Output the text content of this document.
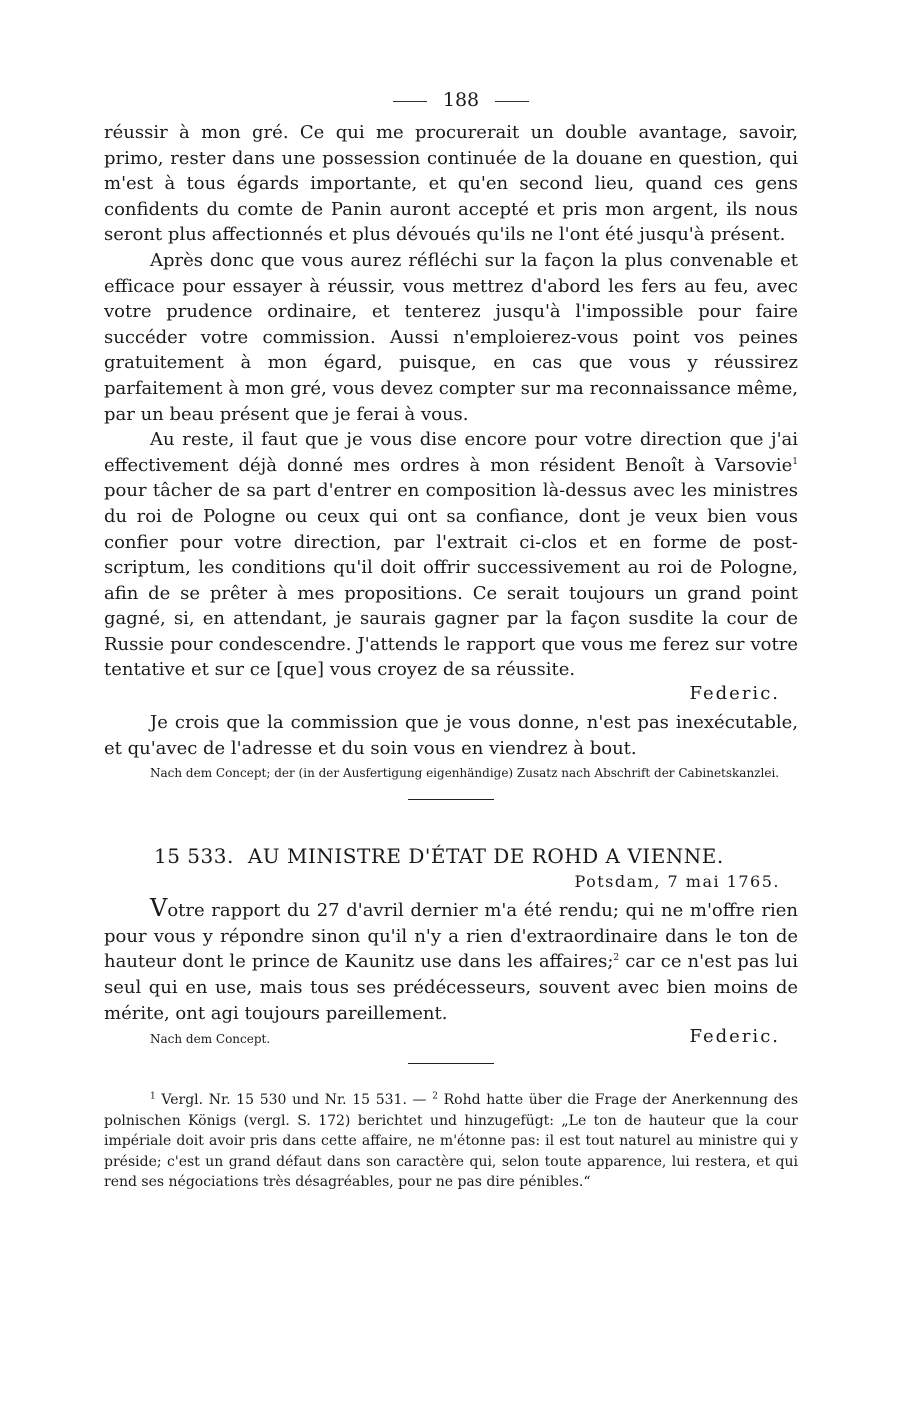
188

réussir à mon gré. Ce qui me procurerait un double avantage, savoir, primo, rester dans une possession continuée de la douane en question, qui m'est à tous égards importante, et qu'en second lieu, quand ces gens confidents du comte de Panin auront accepté et pris mon argent, ils nous seront plus affectionnés et plus dévoués qu'ils ne l'ont été jusqu'à présent.

Après donc que vous aurez réfléchi sur la façon la plus convenable et efficace pour essayer à réussir, vous mettrez d'abord les fers au feu, avec votre prudence ordinaire, et tenterez jusqu'à l'impossible pour faire succéder votre commission. Aussi n'emploierez-vous point vos peines gratuitement à mon égard, puisque, en cas que vous y réussirez parfaitement à mon gré, vous devez compter sur ma reconnaissance même, par un beau présent que je ferai à vous.

Au reste, il faut que je vous dise encore pour votre direction que j'ai effectivement déjà donné mes ordres à mon résident Benoît à Varsovie$^1$ pour tâcher de sa part d'entrer en composition là-dessus avec les ministres du roi de Pologne ou ceux qui ont sa confiance, dont je veux bien vous confier pour votre direction, par l'extrait ci-clos et en forme de post-scriptum, les conditions qu'il doit offrir successivement au roi de Pologne, afin de se prêter à mes propositions. Ce serait toujours un grand point gagné, si, en attendant, je saurais gagner par la façon susdite la cour de Russie pour condescendre. J'attends le rapport que vous me ferez sur votre tentative et sur ce [que] vous croyez de sa réussite.

Federic.

Je crois que la commission que je vous donne, n'est pas inexécutable, et qu'avec de l'adresse et du soin vous en viendrez à bout.

Nach dem Concept; der (in der Ausfertigung eigenhändige) Zusatz nach Abschrift der Cabinetskanzlei.

15 533. AU MINISTRE D'ÉTAT DE ROHD A VIENNE.

Potsdam, 7 mai 1765.

Votre rapport du 27 d'avril dernier m'a été rendu; qui ne m'offre rien pour vous y répondre sinon qu'il n'y a rien d'extraordinaire dans le ton de hauteur dont le prince de Kaunitz use dans les affaires;$^2$ car ce n'est pas lui seul qui en use, mais tous ses prédécesseurs, souvent avec bien moins de mérite, ont agi toujours pareillement.

Nach dem Concept.	Federic.

$^1$ Vergl. Nr. 15 530 und Nr. 15 531. — $^2$ Rohd hatte über die Frage der Anerkennung des polnischen Königs (vergl. S. 172) berichtet und hinzugefügt: „Le ton de hauteur que la cour impériale doit avoir pris dans cette affaire, ne m'étonne pas: il est tout naturel au ministre qui y préside; c'est un grand défaut dans son caractère qui, selon toute apparence, lui restera, et qui rend ses négociations très désagréables, pour ne pas dire pénibles.“
